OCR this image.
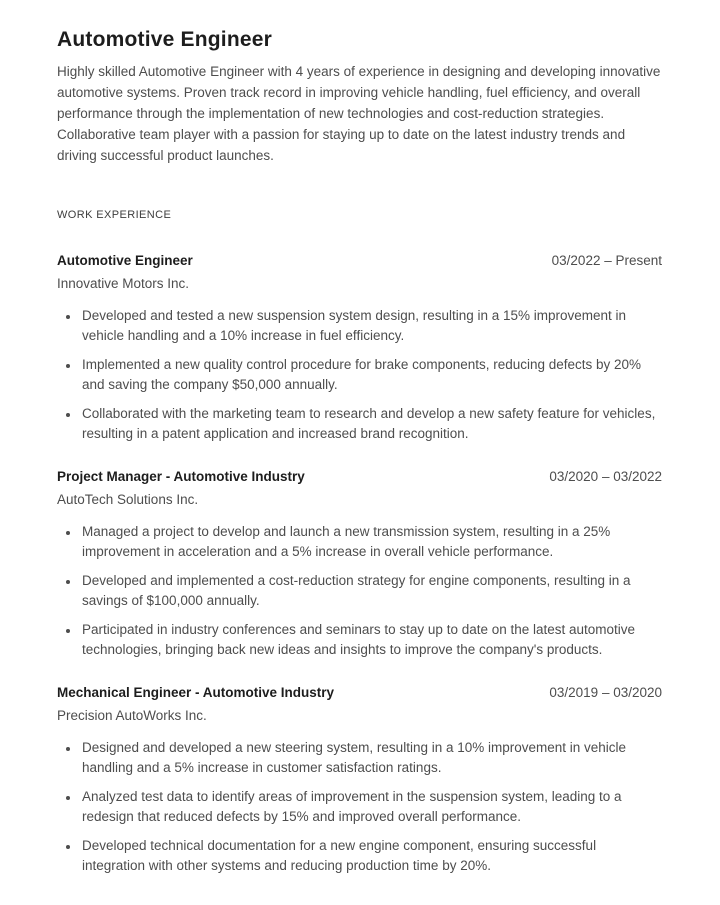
Automotive Engineer

Highly skilled Automotive Engineer with 4 years of experience in designing and developing innovative automotive systems. Proven track record in improving vehicle handling, fuel efficiency, and overall performance through the implementation of new technologies and cost-reduction strategies. Collaborative team player with a passion for staying up to date on the latest industry trends and driving successful product launches.

WORK EXPERIENCE
Automotive Engineer	03/2022 – Present
Innovative Motors Inc.
• Developed and tested a new suspension system design, resulting in a 15% improvement in vehicle handling and a 10% increase in fuel efficiency.
• Implemented a new quality control procedure for brake components, reducing defects by 20% and saving the company $50,000 annually.
• Collaborated with the marketing team to research and develop a new safety feature for vehicles, resulting in a patent application and increased brand recognition.
Project Manager - Automotive Industry	03/2020 – 03/2022
AutoTech Solutions Inc.
• Managed a project to develop and launch a new transmission system, resulting in a 25% improvement in acceleration and a 5% increase in overall vehicle performance.
• Developed and implemented a cost-reduction strategy for engine components, resulting in a savings of $100,000 annually.
• Participated in industry conferences and seminars to stay up to date on the latest automotive technologies, bringing back new ideas and insights to improve the company's products.
Mechanical Engineer - Automotive Industry	03/2019 – 03/2020
Precision AutoWorks Inc.
• Designed and developed a new steering system, resulting in a 10% improvement in vehicle handling and a 5% increase in customer satisfaction ratings.
• Analyzed test data to identify areas of improvement in the suspension system, leading to a redesign that reduced defects by 15% and improved overall performance.
• Developed technical documentation for a new engine component, ensuring successful integration with other systems and reducing production time by 20%.
